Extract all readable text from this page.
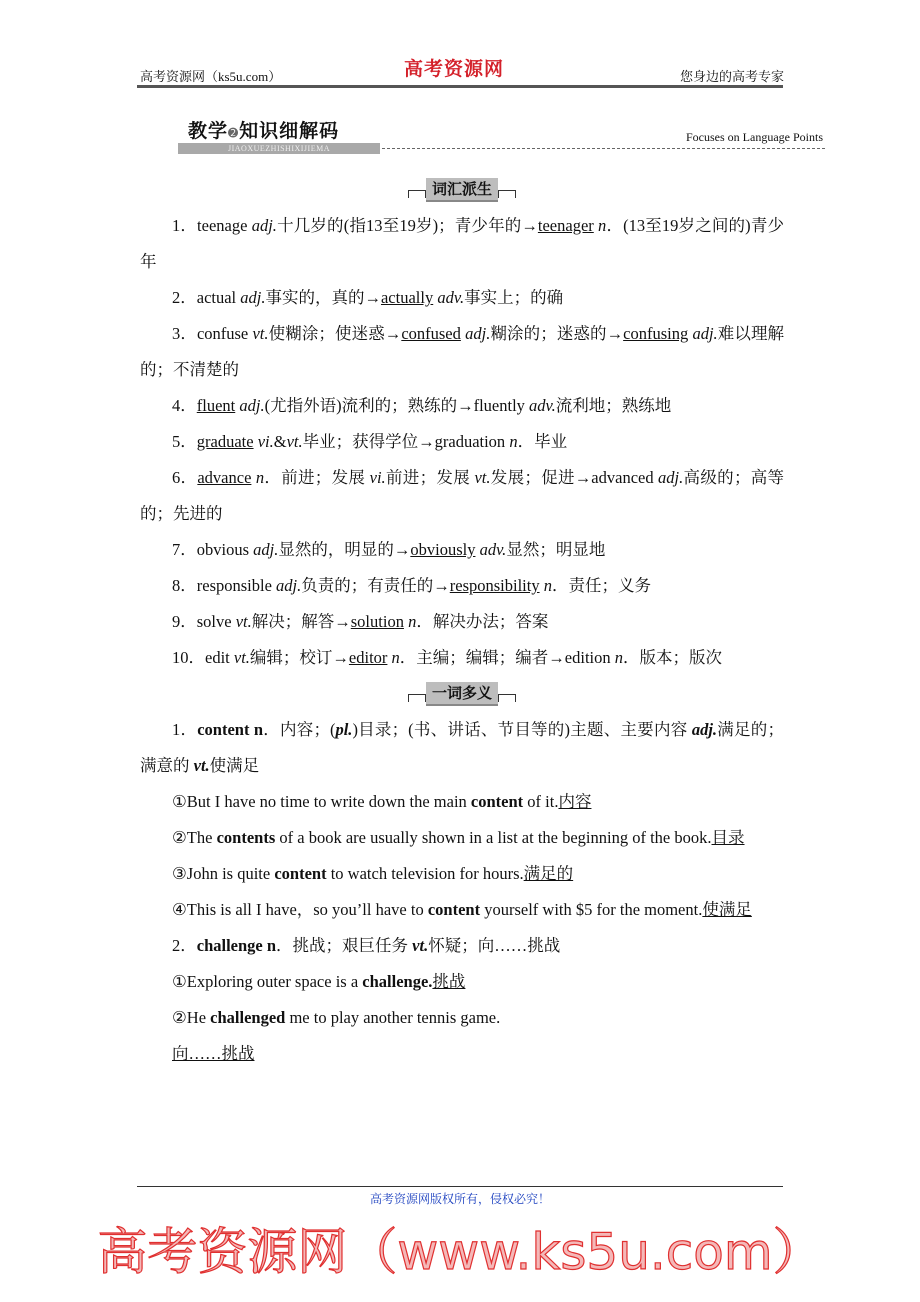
高考资源网（ks5u.com）	高考资源网	您身边的高考专家
教学➋知识细解码
JIAOXUEZHISHIXIJIEMA
Focuses on Language Points
词汇派生

1．teenage adj.十几岁的(指13至19岁)；青少年的→teenager n．(13至19岁之间的)青少年

2．actual adj.事实的，真的→actually adv.事实上；的确

3．confuse vt.使糊涂；使迷惑→confused adj.糊涂的；迷惑的→confusing adj.难以理解的；不清楚的

4．fluent adj.(尤指外语)流利的；熟练的→fluently adv.流利地；熟练地

5．graduate vi.&vt.毕业；获得学位→graduation n．毕业

6．advance n．前进；发展 vi.前进；发展 vt.发展；促进→advanced adj.高级的；高等的；先进的

7．obvious adj.显然的，明显的→obviously adv.显然；明显地

8．responsible adj.负责的；有责任的→responsibility n．责任；义务

9．solve vt.解决；解答→solution n．解决办法；答案

10．edit vt.编辑；校订→editor n．主编；编辑；编者→edition n．版本；版次

一词多义

1．content n．内容；(pl.)目录；(书、讲话、节目等的)主题、主要内容 adj.满足的；满意的 vt.使满足

①But I have no time to write down the main content of it.内容

②The contents of a book are usually shown in a list at the beginning of the book.目录

③John is quite content to watch television for hours.满足的

④This is all I have，so you’ll have to content yourself with $5 for the moment.使满足

2．challenge n．挑战；艰巨任务 vt.怀疑；向……挑战

①Exploring outer space is a challenge.挑战

②He challenged me to play another tennis game.

向……挑战

高考资源网版权所有，侵权必究！
高考资源网（www.ks5u.com）
